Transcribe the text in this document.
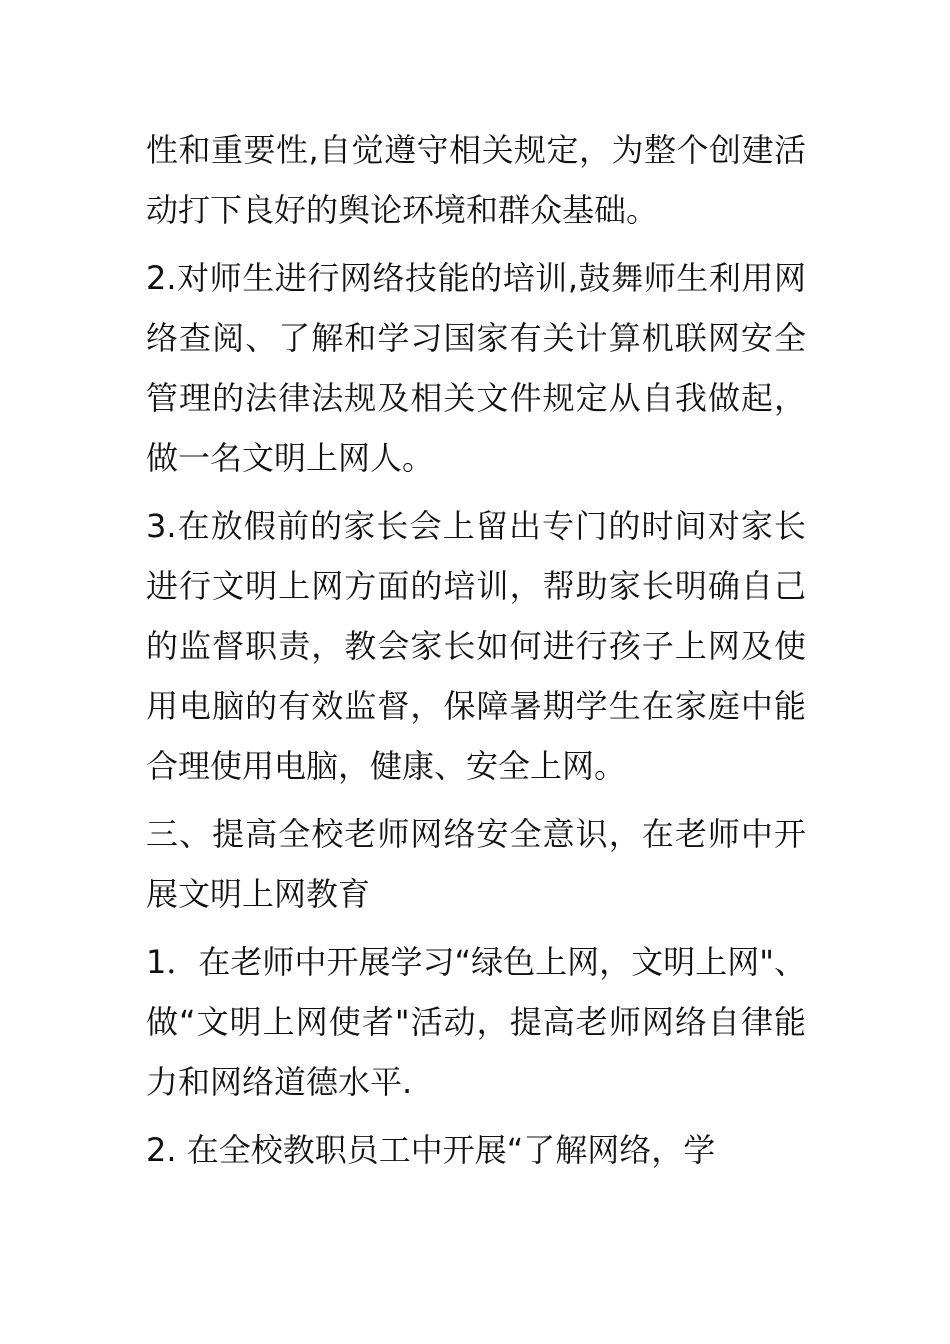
性和重要性,自觉遵守相关规定，为整个创建活动打下良好的舆论环境和群众基础。

2.对师生进行网络技能的培训,鼓舞师生利用网络查阅、了解和学习国家有关计算机联网安全管理的法律法规及相关文件规定从自我做起，做一名文明上网人。

3.在放假前的家长会上留出专门的时间对家长进行文明上网方面的培训，帮助家长明确自己的监督职责，教会家长如何进行孩子上网及使用电脑的有效监督，保障暑期学生在家庭中能合理使用电脑，健康、安全上网。

三、提高全校老师网络安全意识，在老师中开展文明上网教育

1．在老师中开展学习“绿色上网，文明上网"、做“文明上网使者"活动，提高老师网络自律能力和网络道德水平.

2. 在全校教职员工中开展“了解网络，学
